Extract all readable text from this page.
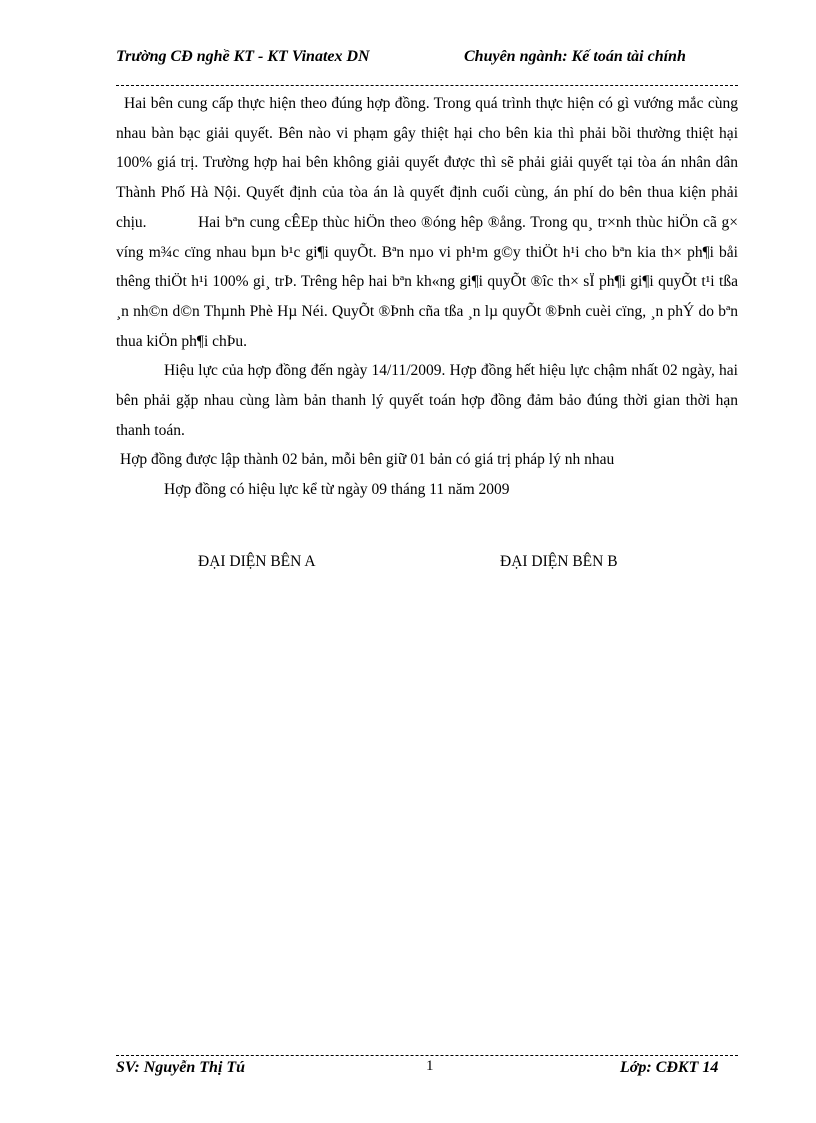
Trường CĐ nghề KT - KT Vinatex DN	Chuyên ngành: Kế toán tài chính

Hai bên cung cấp thực hiện theo đúng hợp đồng. Trong quá trình thực hiện có gì vướng mắc cùng nhau bàn bạc giải quyết. Bên nào vi phạm gây thiệt hại cho bên kia thì phải bồi thường thiệt hại 100% giá trị. Trường hợp hai bên không giải quyết được thì sẽ phải giải quyết tại tòa án nhân dân Thành Phố Hà Nội. Quyết định của tòa án là quyết định cuối cùng, án phí do bên thua kiện phải chịu.	Hai bªn cung cÊEp thùc hiÖn theo ®óng hêp ®ång. Trong qu¸ tr×nh thùc hiÖn cã g× víng m¾c cïng nhau bµn b¹c gi¶i quyÕt. Bªn nµo vi ph¹m g©y thiÖt h¹i cho bªn kia th× ph¶i båi thêng thiÖt h¹i 100% gi¸ trÞ. Trêng hêp hai bªn kh«ng gi¶i quyÕt ®îc th× sÏ ph¶i gi¶i quyÕt t¹i tßa ¸n nh©n d©n Thµnh Phè Hµ Néi. QuyÕt ®Þnh cña tßa ¸n lµ quyÕt ®Þnh cuèi cïng, ¸n phÝ do bªn thua kiÖn ph¶i chÞu.

Hiệu lực của hợp đồng đến ngày 14/11/2009. Hợp đồng hết hiệu lực chậm nhất 02 ngày, hai bên phải gặp nhau cùng làm bản thanh lý quyết toán hợp đồng đảm bảo đúng thời gian thời hạn thanh toán.

Hợp đồng được lập thành 02 bản, mỗi bên giữ 01 bản có giá trị pháp lý nh nhau

Hợp đồng có hiệu lực kể từ ngày 09 tháng 11 năm 2009

ĐẠI DIỆN BÊN A	ĐẠI DIỆN BÊN B
SV: Nguyễn Thị Tú	1	Lớp: CĐKT 14
